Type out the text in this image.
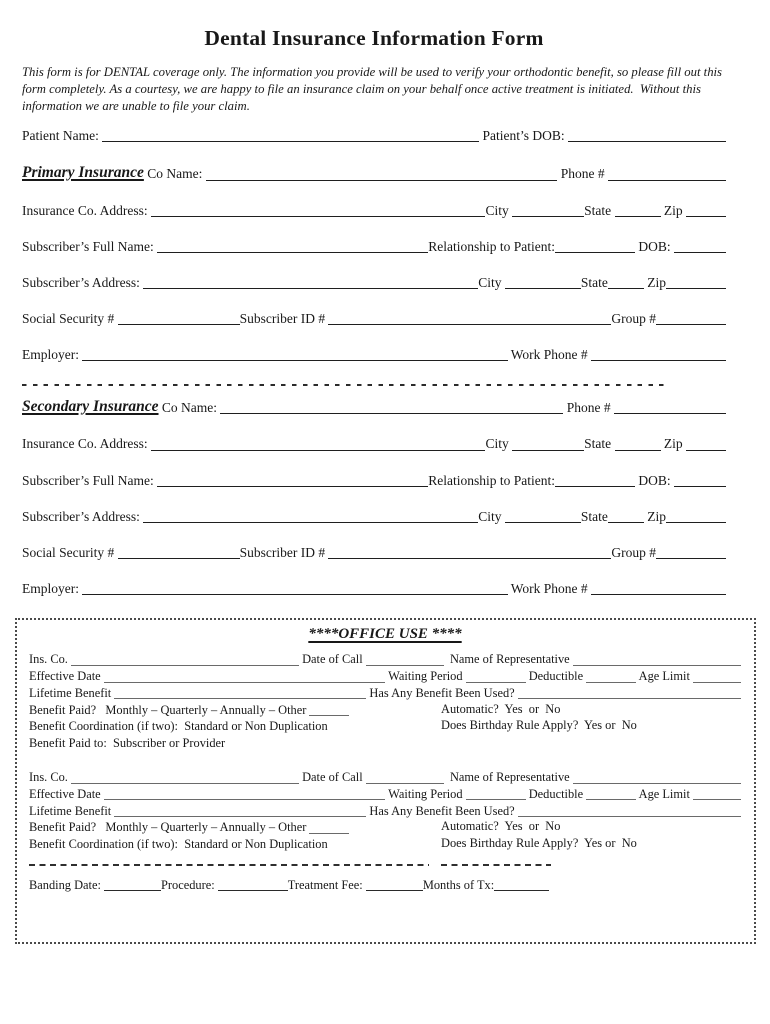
Dental Insurance Information Form

This form is for DENTAL coverage only. The information you provide will be used to verify your orthodontic benefit, so please fill out this form completely. As a courtesy, we are happy to file an insurance claim on your behalf once active treatment is initiated.  Without this information we are unable to file your claim.

Patient Name:	Patient’s DOB:
Primary Insurance Co Name:	Phone #
Insurance Co. Address:	City	State	Zip
Subscriber’s Full Name:	Relationship to Patient:	DOB:
Subscriber’s Address:	City	State	Zip
Social Security #	Subscriber ID #	Group #
Employer:	Work Phone #
Secondary Insurance Co Name:	Phone #
Insurance Co. Address:	City	State	Zip
Subscriber’s Full Name:	Relationship to Patient:	DOB:
Subscriber’s Address:	City	State	Zip
Social Security #	Subscriber ID #	Group #
Employer:	Work Phone #
****OFFICE USE ****
Ins. Co.	Date of Call	Name of Representative
Effective Date	Waiting Period	Deductible	Age Limit
Lifetime Benefit	Has Any Benefit Been Used?
Benefit Paid?   Monthly – Quarterly – Annually – Other	Automatic?  Yes  or  No
Benefit Coordination (if two):  Standard or Non Duplication	Does Birthday Rule Apply?  Yes or  No
Benefit Paid to:  Subscriber or Provider
Ins. Co.	Date of Call	Name of Representative
Effective Date	Waiting Period	Deductible	Age Limit
Lifetime Benefit	Has Any Benefit Been Used?
Benefit Paid?   Monthly – Quarterly – Annually – Other	Automatic?  Yes  or  No
Benefit Coordination (if two):  Standard or Non Duplication	Does Birthday Rule Apply?  Yes or  No
Banding Date:	Procedure:	Treatment Fee:	Months of Tx:
